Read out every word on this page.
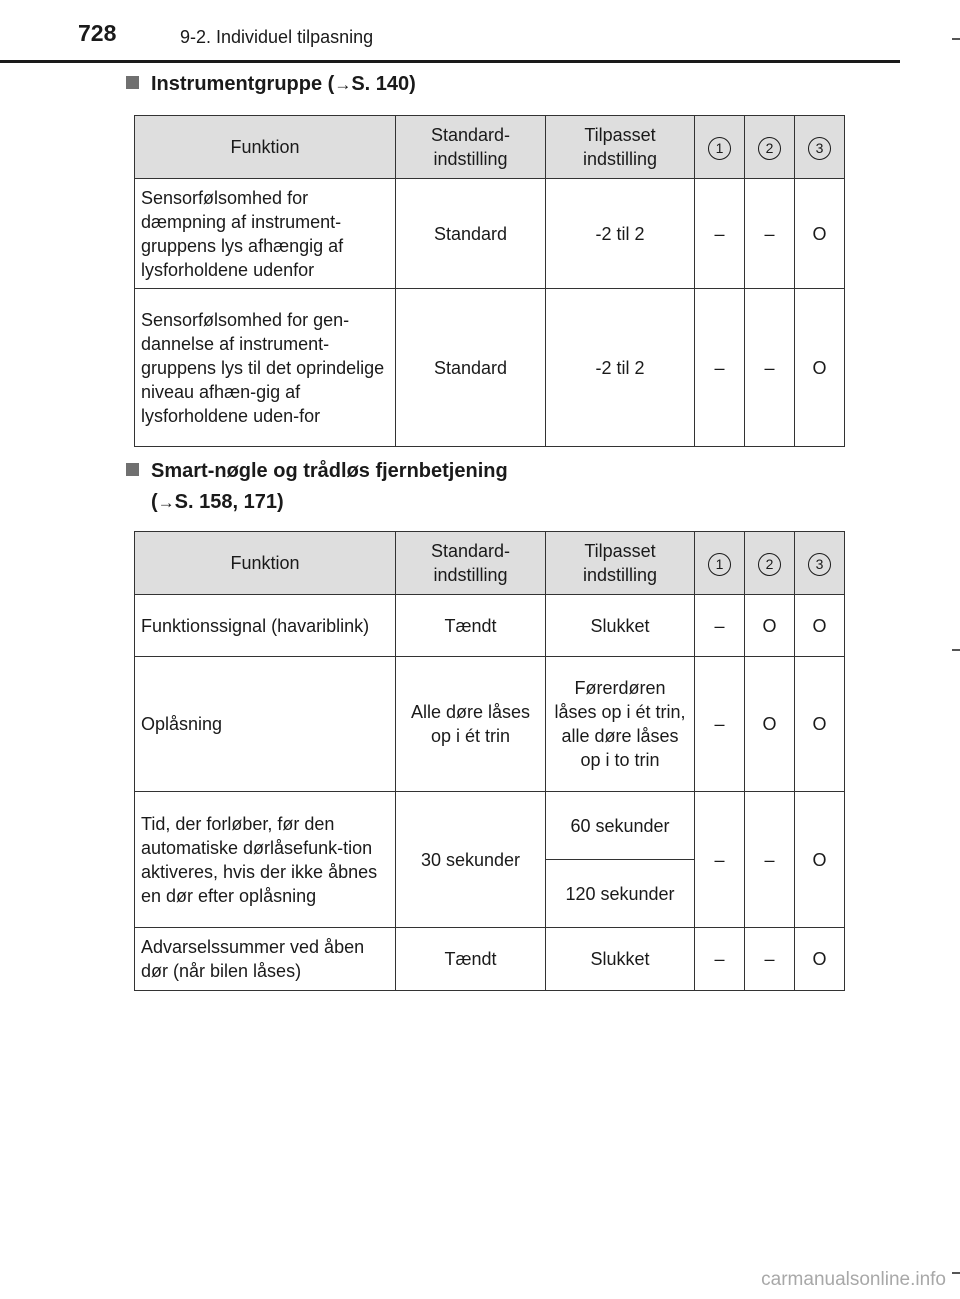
728	9-2. Individuel tilpasning
Instrumentgruppe (→S. 140)
Funktion	Standard-indstilling	Tilpasset indstilling	1	2	3
Sensorfølsomhed for dæmpning af instrument-gruppens lys afhængig af lysforholdene udenfor	Standard	-2 til 2	–	–	O
Sensorfølsomhed for gen-dannelse af instrument-gruppens lys til det oprindelige niveau afhæn-gig af lysforholdene uden-for	Standard	-2 til 2	–	–	O
Smart-nøgle og trådløs fjernbetjening
(→S. 158, 171)
Funktion	Standard-indstilling	Tilpasset indstilling	1	2	3
Funktionssignal (havariblink)	Tændt	Slukket	–	O	O
Oplåsning	Alle døre låses op i ét trin	Førerdøren låses op i ét trin, alle døre låses op i to trin	–	O	O
Tid, der forløber, før den automatiske dørlåsefunk-tion aktiveres, hvis der ikke åbnes en dør efter oplåsning	30 sekunder	60 sekunder	–	–	O
		120 sekunder			
Advarselssummer ved åben dør (når bilen låses)	Tændt	Slukket	–	–	O
carmanualsonline.info
